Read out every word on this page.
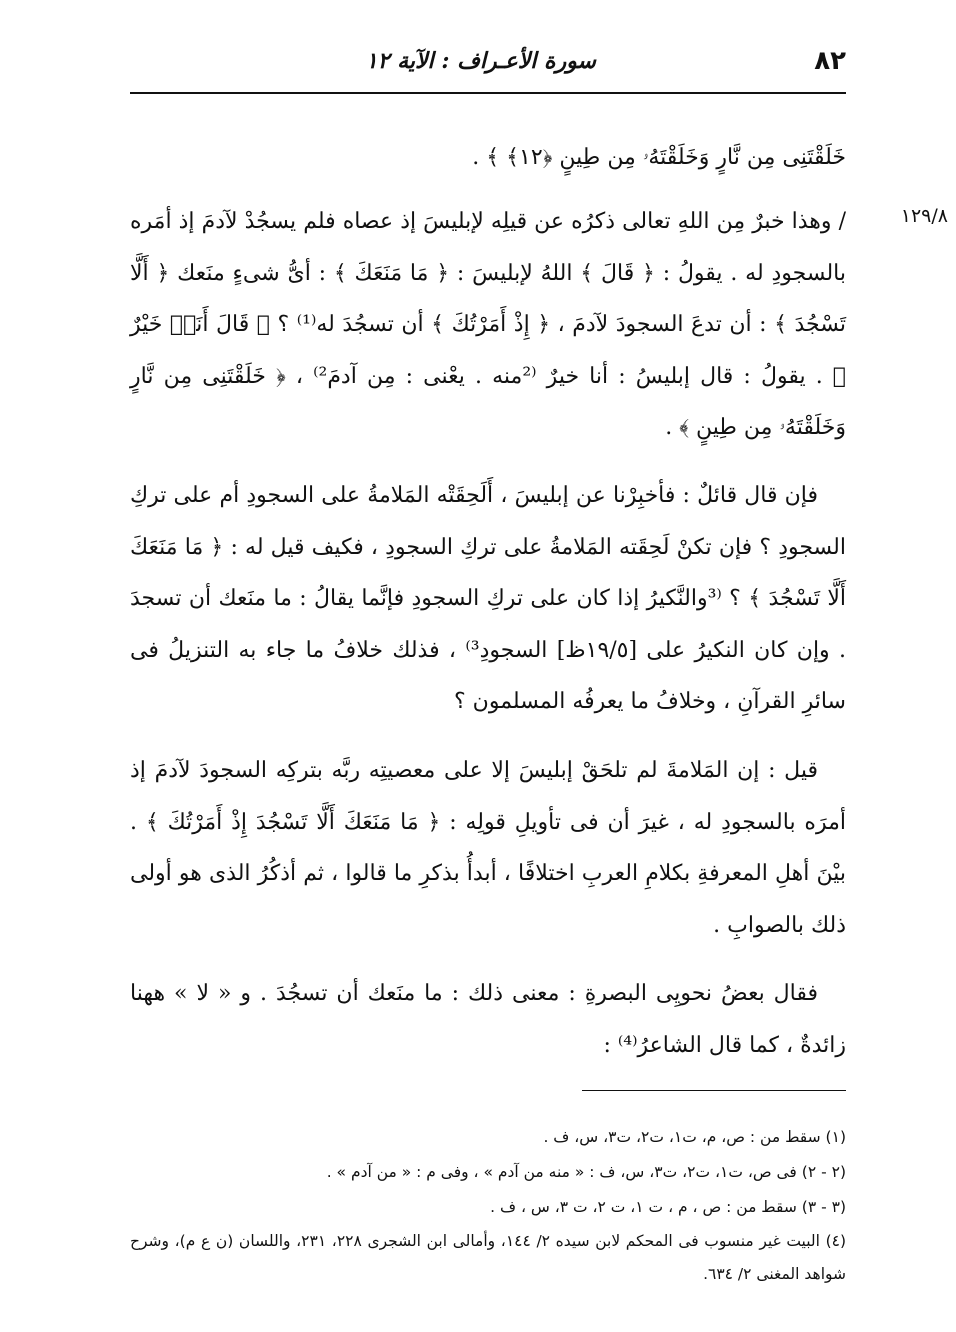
٨٢
سورة الأعـراف : الآية ١٢
١٢٩/٨

خَلَقْتَنِى مِن نَّارٍ وَخَلَقْتَهُۥ مِن طِينٍ ﴿١٢﴾ ﴾ .

/ وهذا خبرٌ مِن اللهِ تعالى ذكرُه عن قيلِه لإبليسَ إذ عصاه فلم يسجُدْ لآدمَ إذ أمَره بالسجودِ له . يقولُ : ﴿ قَالَ ﴾ اللهُ لإبليسَ : ﴿ مَا مَنَعَكَ ﴾ : أىُّ شىءٍ منَعك ﴿ أَلَّا تَسْجُدَ ﴾ : أن تدعَ السجودَ لآدمَ ، ﴿ إِذْ أَمَرْتُكَ ﴾ أن تسجُدَ له⁽¹⁾ ؟ ﴿ قَالَ أَنَا۠ خَيْرٌ ﴾ . يقولُ : قال إبليسُ : أنا خيرٌ ⁽²منه . يعْنى : مِن آدمَ²⁾ ، ﴿ خَلَقْتَنِى مِن نَّارٍ وَخَلَقْتَهُۥ مِن طِينٍ ﴾ .

فإن قال قائلٌ : فأخبِرْنا عن إبليسَ ، أَلَحِقَتْه المَلامةُ على السجودِ أم على تركِ السجودِ ؟ فإن تكنْ لَحِقَته المَلامةُ على تركِ السجودِ ، فكيف قيل له : ﴿ مَا مَنَعَكَ أَلَّا تَسْجُدَ ﴾ ؟ ⁽³والنَّكيرُ إذا كان على تركِ السجودِ فإنَّما يقالُ : ما منَعك أن تسجدَ . وإن كان النكيرُ على [١٩/٥ظ] السجودِ³⁾ ، فذلك خلافُ ما جاء به التنزيلُ فى سائرِ القرآنِ ، وخلافُ ما يعرفُه المسلمون ؟

قيل : إن المَلامةَ لم تلحَقْ إبليسَ إلا على معصيتِه ربَّه بتركِه السجودَ لآدمَ إذ أمرَه بالسجودِ له ، غيرَ أن فى تأويلِ قولِه : ﴿ مَا مَنَعَكَ أَلَّا تَسْجُدَ إِذْ أَمَرْتُكَ ﴾ . بيْنَ أهلِ المعرفةِ بكلامِ العربِ اختلافًا ، أبدأُ بذكرِ ما قالوا ، ثم أذكُرُ الذى هو أولى ذلك بالصوابِ .

فقال بعضُ نحويِى البصرةِ : معنى ذلك : ما منَعك أن تسجُدَ . و « لا » ههنا زائدةٌ ، كما قال الشاعرُ⁽⁴⁾ :

(١) سقط من : ص، م، ت١، ت٢، ت٣، س، ف .

(٢ - ٢) فى ص، ت١، ت٢، ت٣، س، ف : « منه من آدم » ، وفى م : « من آدم » .

(٣ - ٣) سقط من : ص ، م ، ت ١، ت ٢، ت ٣، س ، ف .

(٤) البيت غير منسوب فى المحكم لابن سيده ٢/ ١٤٤، وأمالى ابن الشجرى ٢٢٨، ٢٣١، واللسان (ن ع م)، وشرح شواهد المغنى ٢/ ٦٣٤.
